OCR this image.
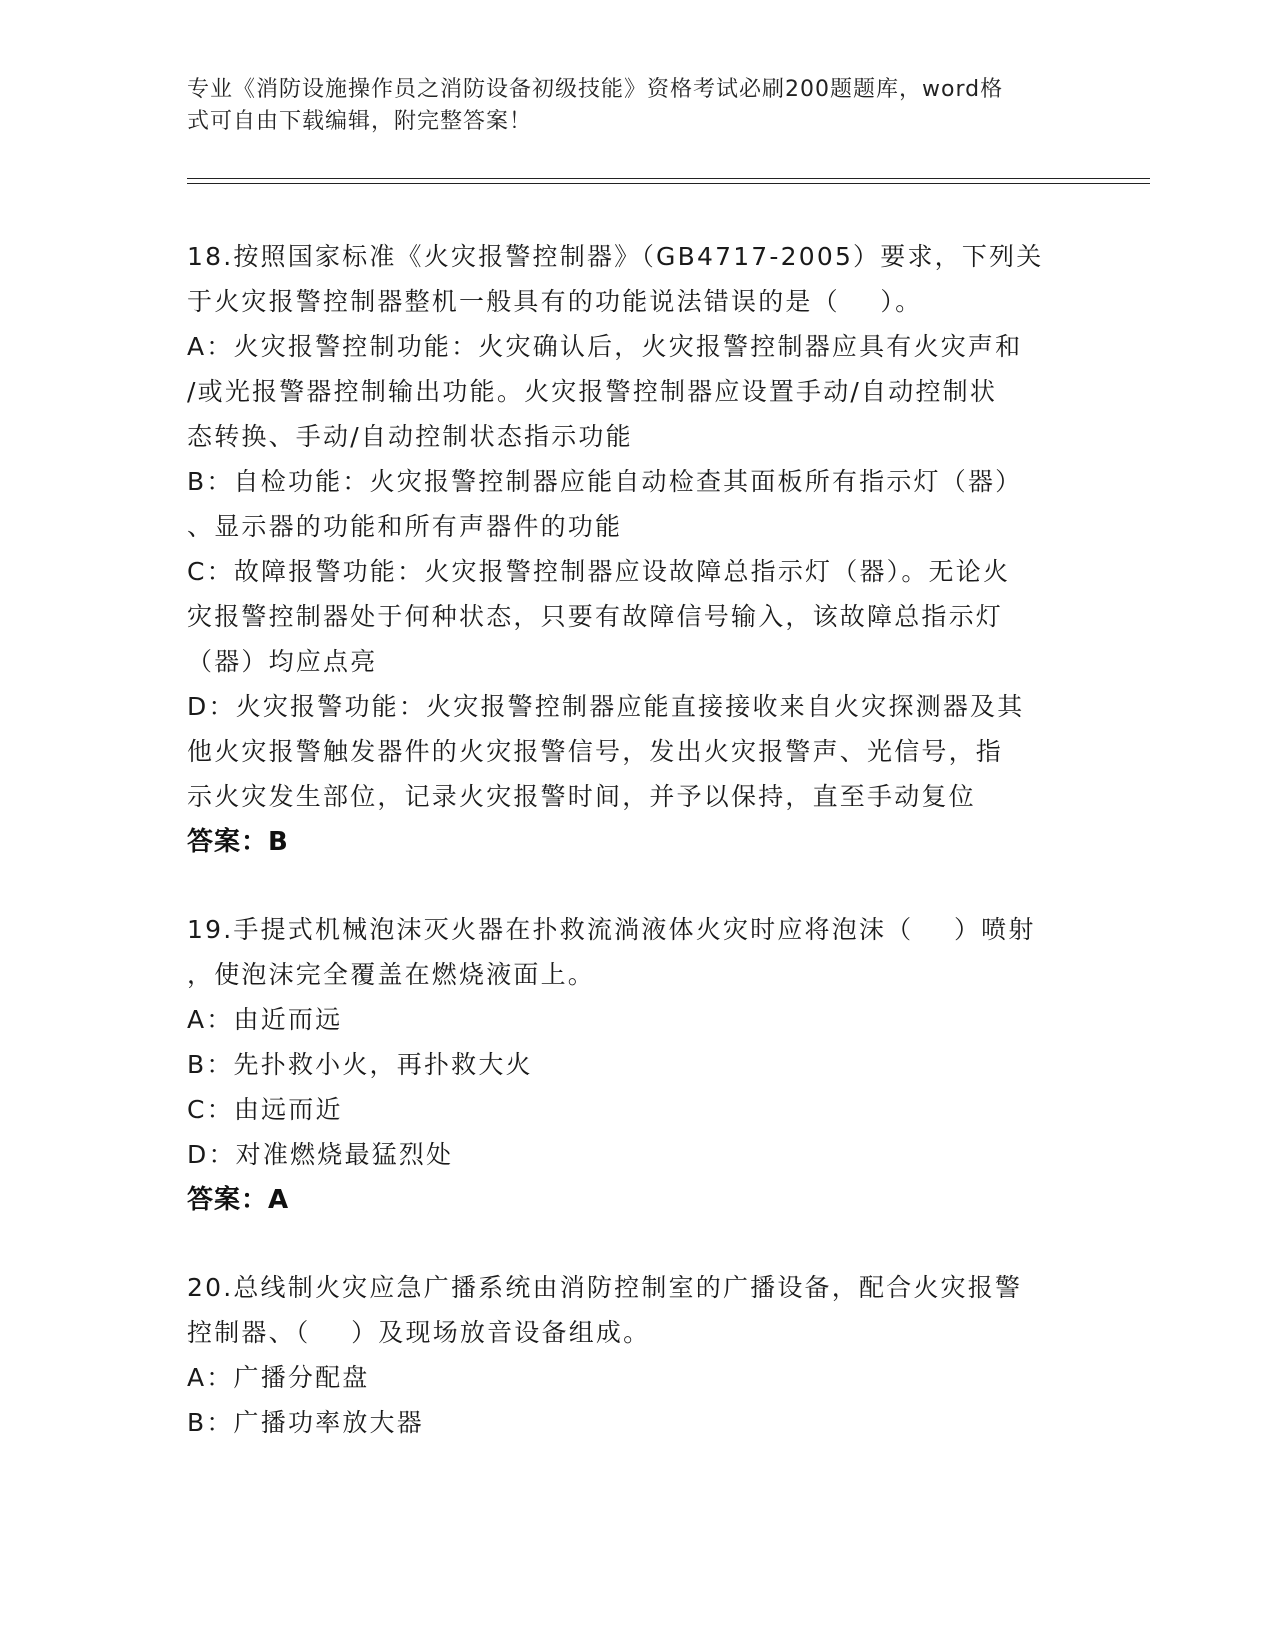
专业《消防设施操作员之消防设备初级技能》资格考试必刷200题题库，word格
式可自由下载编辑，附完整答案！
18.按照国家标准《火灾报警控制器》（GB4717-2005）要求，下列关
于火灾报警控制器整机一般具有的功能说法错误的是（    ）。
A：火灾报警控制功能：火灾确认后，火灾报警控制器应具有火灾声和
/或光报警器控制输出功能。火灾报警控制器应设置手动/自动控制状
态转换、手动/自动控制状态指示功能
B：自检功能：火灾报警控制器应能自动检查其面板所有指示灯（器）
、显示器的功能和所有声器件的功能
C：故障报警功能：火灾报警控制器应设故障总指示灯（器）。无论火
灾报警控制器处于何种状态，只要有故障信号输入，该故障总指示灯
（器）均应点亮
D：火灾报警功能：火灾报警控制器应能直接接收来自火灾探测器及其
他火灾报警触发器件的火灾报警信号，发出火灾报警声、光信号，指
示火灾发生部位，记录火灾报警时间，并予以保持，直至手动复位
答案：B
19.手提式机械泡沫灭火器在扑救流淌液体火灾时应将泡沫（    ）喷射
，使泡沫完全覆盖在燃烧液面上。
A：由近而远
B：先扑救小火，再扑救大火
C：由远而近
D：对准燃烧最猛烈处
答案：A
20.总线制火灾应急广播系统由消防控制室的广播设备，配合火灾报警
控制器、（    ）及现场放音设备组成。
A：广播分配盘
B：广播功率放大器
